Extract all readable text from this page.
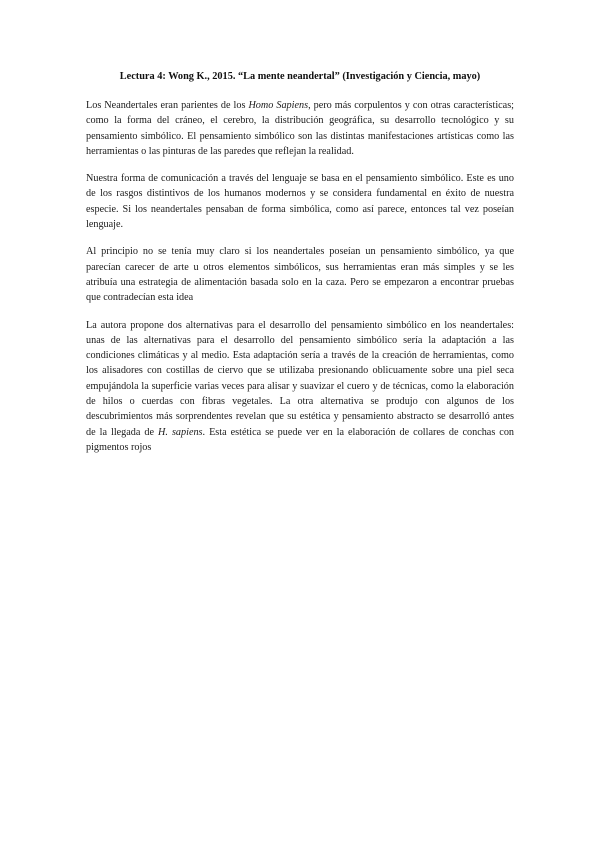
Lectura 4: Wong K., 2015. “La mente neandertal” (Investigación y Ciencia, mayo)

Los Neandertales eran parientes de los Homo Sapiens, pero más corpulentos y con otras características; como la forma del cráneo, el cerebro, la distribución geográfica, su desarrollo tecnológico y su pensamiento simbólico. El pensamiento simbólico son las distintas manifestaciones artísticas como las herramientas o las pinturas de las paredes que reflejan la realidad.

Nuestra forma de comunicación a través del lenguaje se basa en el pensamiento simbólico. Este es uno de los rasgos distintivos de los humanos modernos y se considera fundamental en éxito de nuestra especie. Si los neandertales pensaban de forma simbólica, como así parece, entonces tal vez poseían lenguaje.

Al principio no se tenía muy claro si los neandertales poseían un pensamiento simbólico, ya que parecían carecer de arte u otros elementos simbólicos, sus herramientas eran más simples y se les atribuía una estrategia de alimentación basada solo en la caza. Pero se empezaron a encontrar pruebas que contradecían esta idea

La autora propone dos alternativas para el desarrollo del pensamiento simbólico en los neandertales: unas de las alternativas para el desarrollo del pensamiento simbólico sería la adaptación a las condiciones climáticas y al medio. Esta adaptación sería a través de la creación de herramientas, como los alisadores con costillas de ciervo que se utilizaba presionando oblicuamente sobre una piel seca empujándola la superficie varias veces para alisar y suavizar el cuero y de técnicas, como la elaboración de hilos o cuerdas con fibras vegetales. La otra alternativa se produjo con algunos de los descubrimientos más sorprendentes revelan que su estética y pensamiento abstracto se desarrolló antes de la llegada de H. sapiens. Esta estética se puede ver en la elaboración de collares de conchas con pigmentos rojos
